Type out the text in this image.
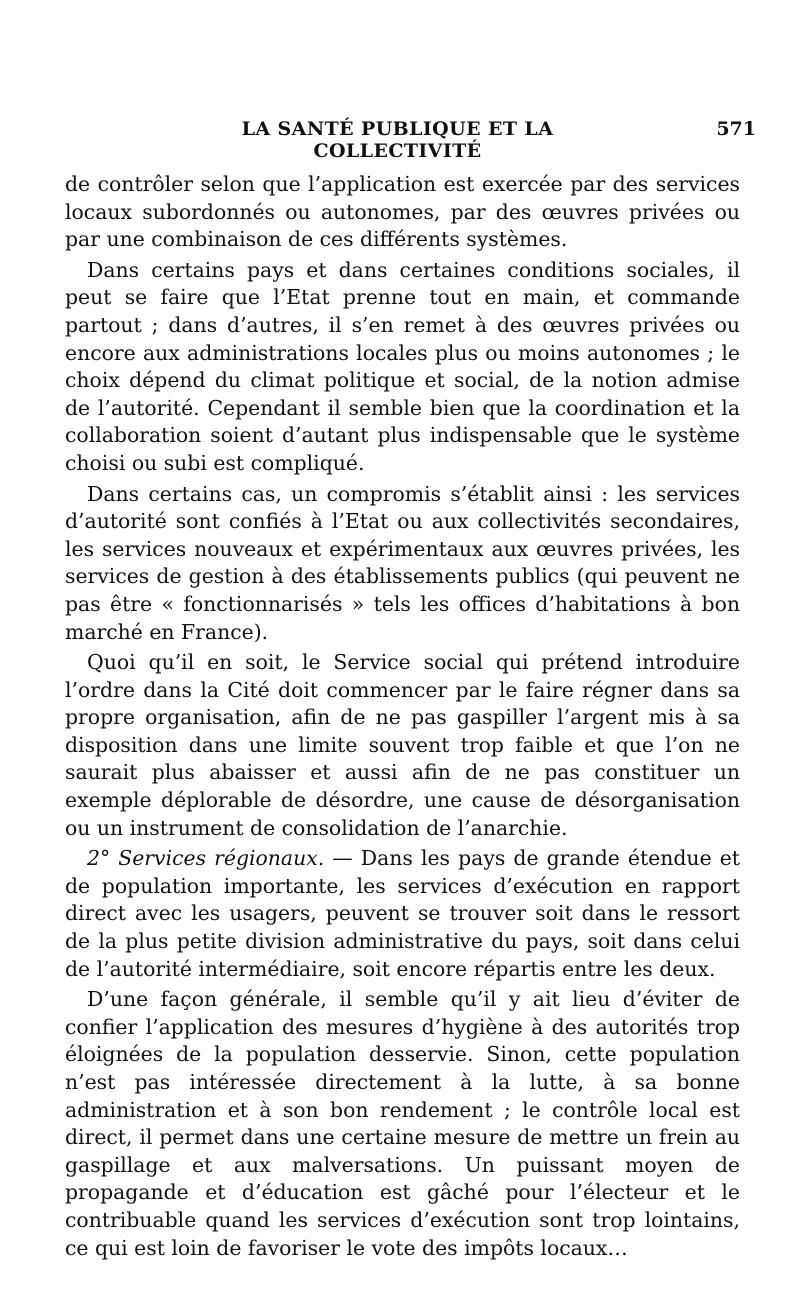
LA SANTÉ PUBLIQUE ET LA COLLECTIVITÉ
571

de contrôler selon que l’application est exercée par des services locaux subordonnés ou autonomes, par des œuvres privées ou par une combinaison de ces différents systèmes.

Dans certains pays et dans certaines conditions sociales, il peut se faire que l’Etat prenne tout en main, et commande partout ; dans d’autres, il s’en remet à des œuvres privées ou encore aux administrations locales plus ou moins autonomes ; le choix dépend du climat politique et social, de la notion admise de l’autorité. Cependant il semble bien que la coordination et la collaboration soient d’autant plus indispensable que le système choisi ou subi est compliqué.

Dans certains cas, un compromis s’établit ainsi : les services d’autorité sont confiés à l’Etat ou aux collectivités secondaires, les services nouveaux et expérimentaux aux œuvres privées, les services de gestion à des établissements publics (qui peuvent ne pas être « fonctionnarisés » tels les offices d’habitations à bon marché en France).

Quoi qu’il en soit, le Service social qui prétend introduire l’ordre dans la Cité doit commencer par le faire régner dans sa propre organisation, afin de ne pas gaspiller l’argent mis à sa disposition dans une limite souvent trop faible et que l’on ne saurait plus abaisser et aussi afin de ne pas constituer un exemple déplorable de désordre, une cause de désorganisation ou un instrument de consolidation de l’anarchie.

2° Services régionaux. — Dans les pays de grande étendue et de population importante, les services d’exécution en rapport direct avec les usagers, peuvent se trouver soit dans le ressort de la plus petite division administrative du pays, soit dans celui de l’autorité intermédiaire, soit encore répartis entre les deux.

D’une façon générale, il semble qu’il y ait lieu d’éviter de confier l’application des mesures d’hygiène à des autorités trop éloignées de la population desservie. Sinon, cette population n’est pas intéressée directement à la lutte, à sa bonne administration et à son bon rendement ; le contrôle local est direct, il permet dans une certaine mesure de mettre un frein au gaspillage et aux malversations. Un puissant moyen de propagande et d’éducation est gâché pour l’électeur et le contribuable quand les services d’exécution sont trop lointains, ce qui est loin de favoriser le vote des impôts locaux…
